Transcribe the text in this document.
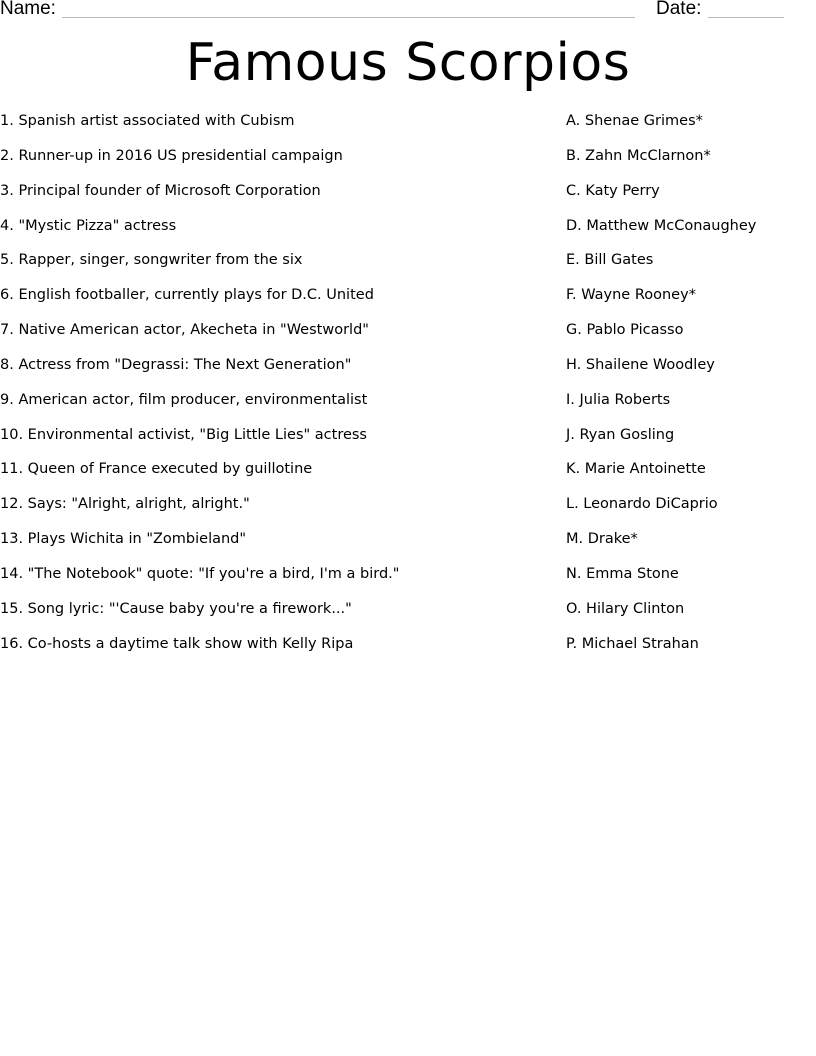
Name:	Date:
Famous Scorpios
1. Spanish artist associated with Cubism
2. Runner-up in 2016 US presidential campaign
3. Principal founder of Microsoft Corporation
4. "Mystic Pizza" actress
5. Rapper, singer, songwriter from the six
6. English footballer, currently plays for D.C. United
7. Native American actor, Akecheta in "Westworld"
8. Actress from "Degrassi: The Next Generation"
9. American actor, film producer, environmentalist
10. Environmental activist, "Big Little Lies" actress
11. Queen of France executed by guillotine
12. Says: "Alright, alright, alright."
13. Plays Wichita in "Zombieland"
14. "The Notebook" quote: "If you're a bird, I'm a bird."
15. Song lyric: "'Cause baby you're a firework..."
16. Co-hosts a daytime talk show with Kelly Ripa
A. Shenae Grimes*
B. Zahn McClarnon*
C. Katy Perry
D. Matthew McConaughey
E. Bill Gates
F. Wayne Rooney*
G. Pablo Picasso
H. Shailene Woodley
I. Julia Roberts
J. Ryan Gosling
K. Marie Antoinette
L. Leonardo DiCaprio
M. Drake*
N. Emma Stone
O. Hilary Clinton
P. Michael Strahan
